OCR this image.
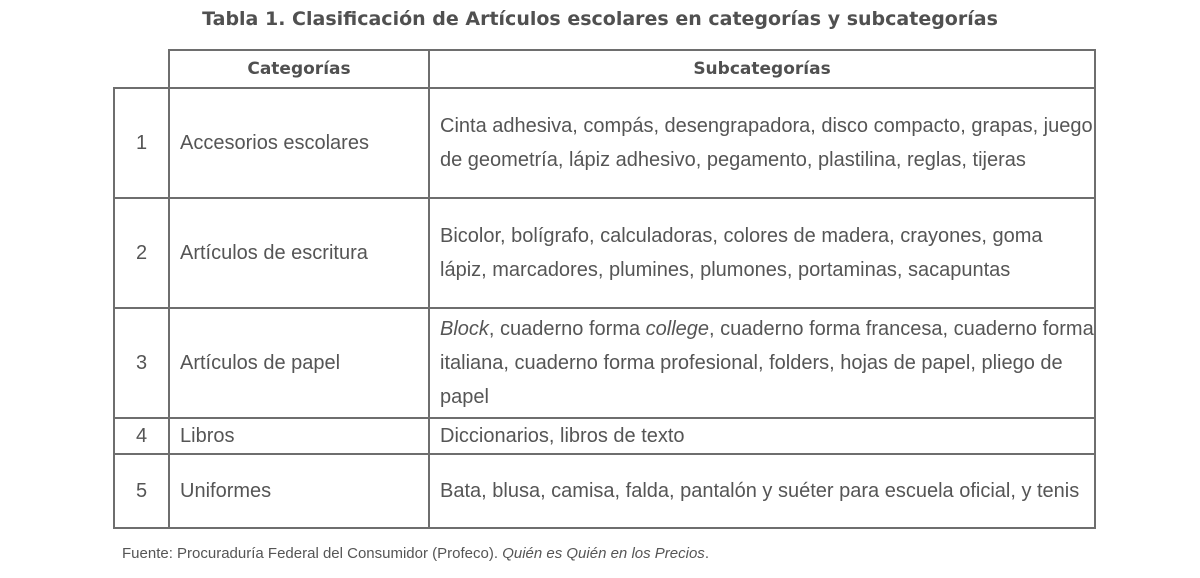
Tabla 1. Clasificación de Artículos escolares en categorías y subcategorías
	Categorías	Subcategorías
1	Accesorios escolares	Cinta adhesiva, compás, desengrapadora, disco compacto, grapas, juego de geometría, lápiz adhesivo, pegamento, plastilina, reglas, tijeras
2	Artículos de escritura	Bicolor, bolígrafo, calculadoras, colores de madera, crayones, goma lápiz, marcadores, plumines, plumones, portaminas, sacapuntas
3	Artículos de papel	Block, cuaderno forma college, cuaderno forma francesa, cuaderno forma italiana, cuaderno forma profesional, folders, hojas de papel, pliego de papel
4	Libros	Diccionarios, libros de texto
5	Uniformes	Bata, blusa, camisa, falda, pantalón y suéter para escuela oficial, y tenis
Fuente: Procuraduría Federal del Consumidor (Profeco). Quién es Quién en los Precios.
